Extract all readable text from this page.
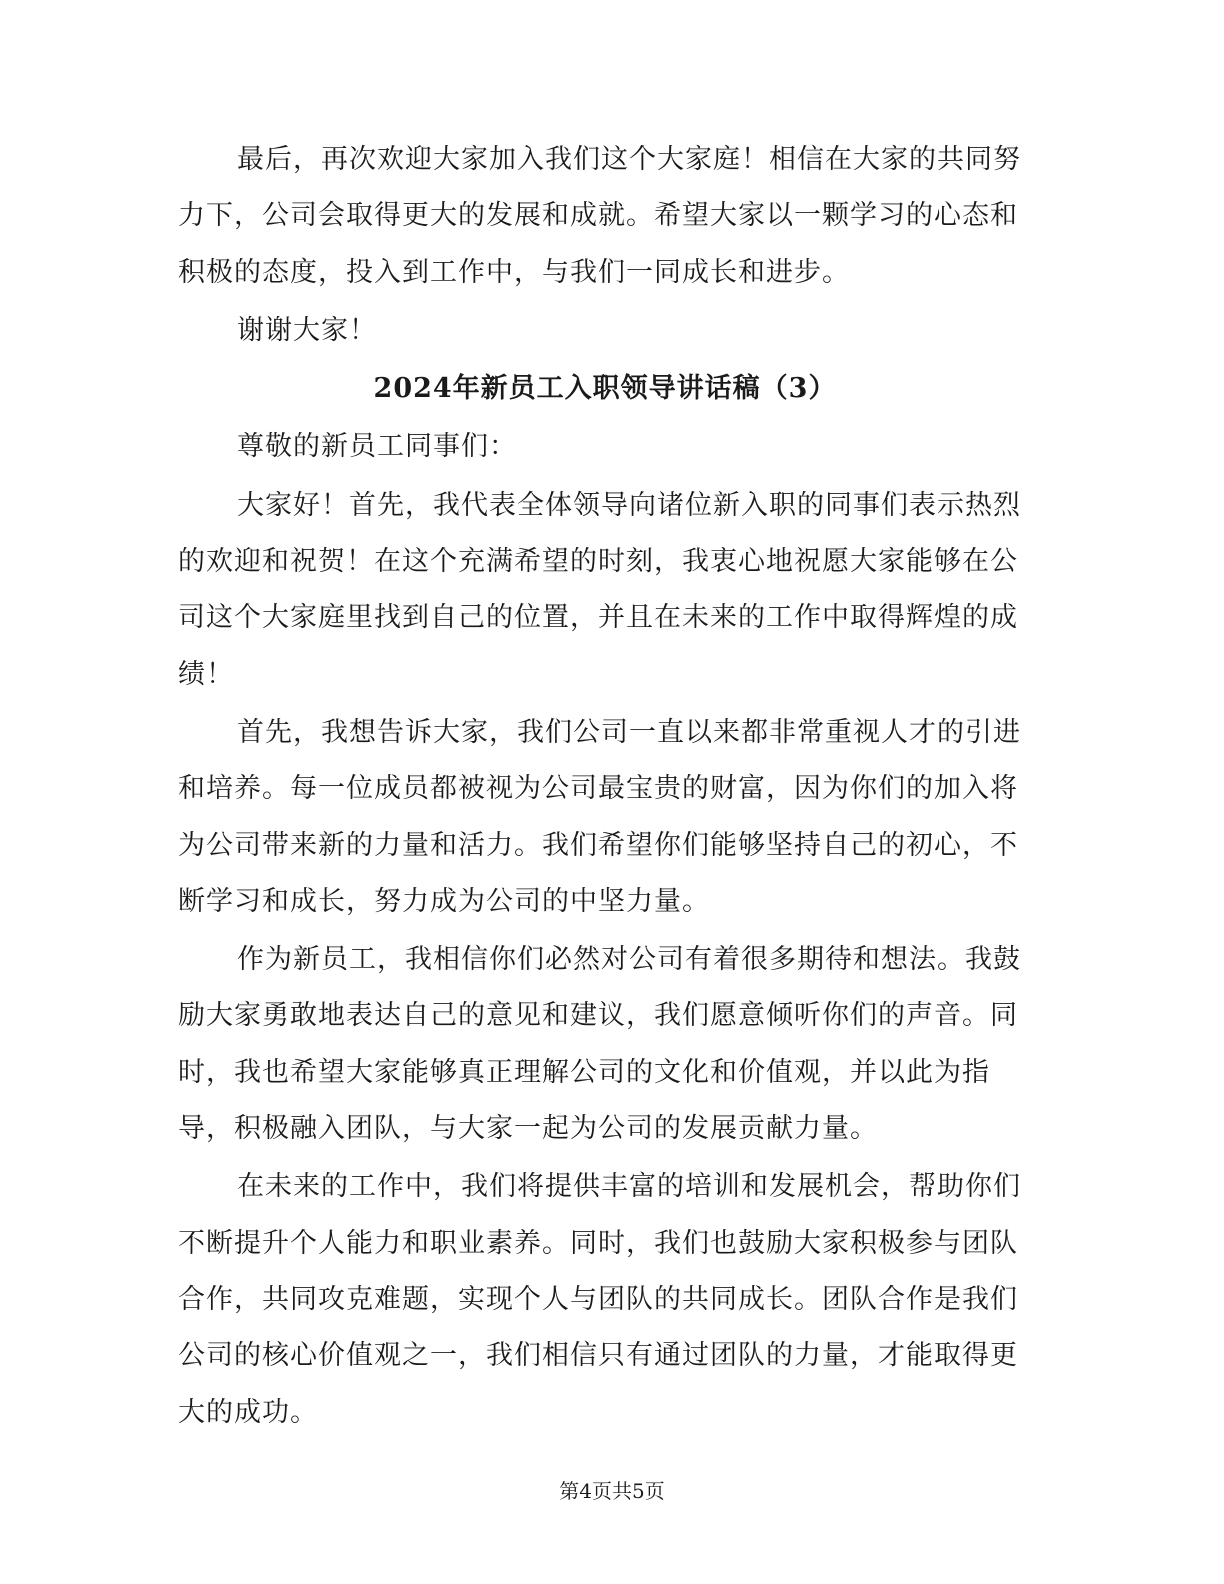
最后，再次欢迎大家加入我们这个大家庭！相信在大家的共同努力下，公司会取得更大的发展和成就。希望大家以一颗学习的心态和积极的态度，投入到工作中，与我们一同成长和进步。

谢谢大家！

2024年新员工入职领导讲话稿（3）

尊敬的新员工同事们：

大家好！首先，我代表全体领导向诸位新入职的同事们表示热烈的欢迎和祝贺！在这个充满希望的时刻，我衷心地祝愿大家能够在公司这个大家庭里找到自己的位置，并且在未来的工作中取得辉煌的成绩！

首先，我想告诉大家，我们公司一直以来都非常重视人才的引进和培养。每一位成员都被视为公司最宝贵的财富，因为你们的加入将为公司带来新的力量和活力。我们希望你们能够坚持自己的初心，不断学习和成长，努力成为公司的中坚力量。

作为新员工，我相信你们必然对公司有着很多期待和想法。我鼓励大家勇敢地表达自己的意见和建议，我们愿意倾听你们的声音。同时，我也希望大家能够真正理解公司的文化和价值观，并以此为指导，积极融入团队，与大家一起为公司的发展贡献力量。

在未来的工作中，我们将提供丰富的培训和发展机会，帮助你们不断提升个人能力和职业素养。同时，我们也鼓励大家积极参与团队合作，共同攻克难题，实现个人与团队的共同成长。团队合作是我们公司的核心价值观之一，我们相信只有通过团队的力量，才能取得更大的成功。

第4页共5页
